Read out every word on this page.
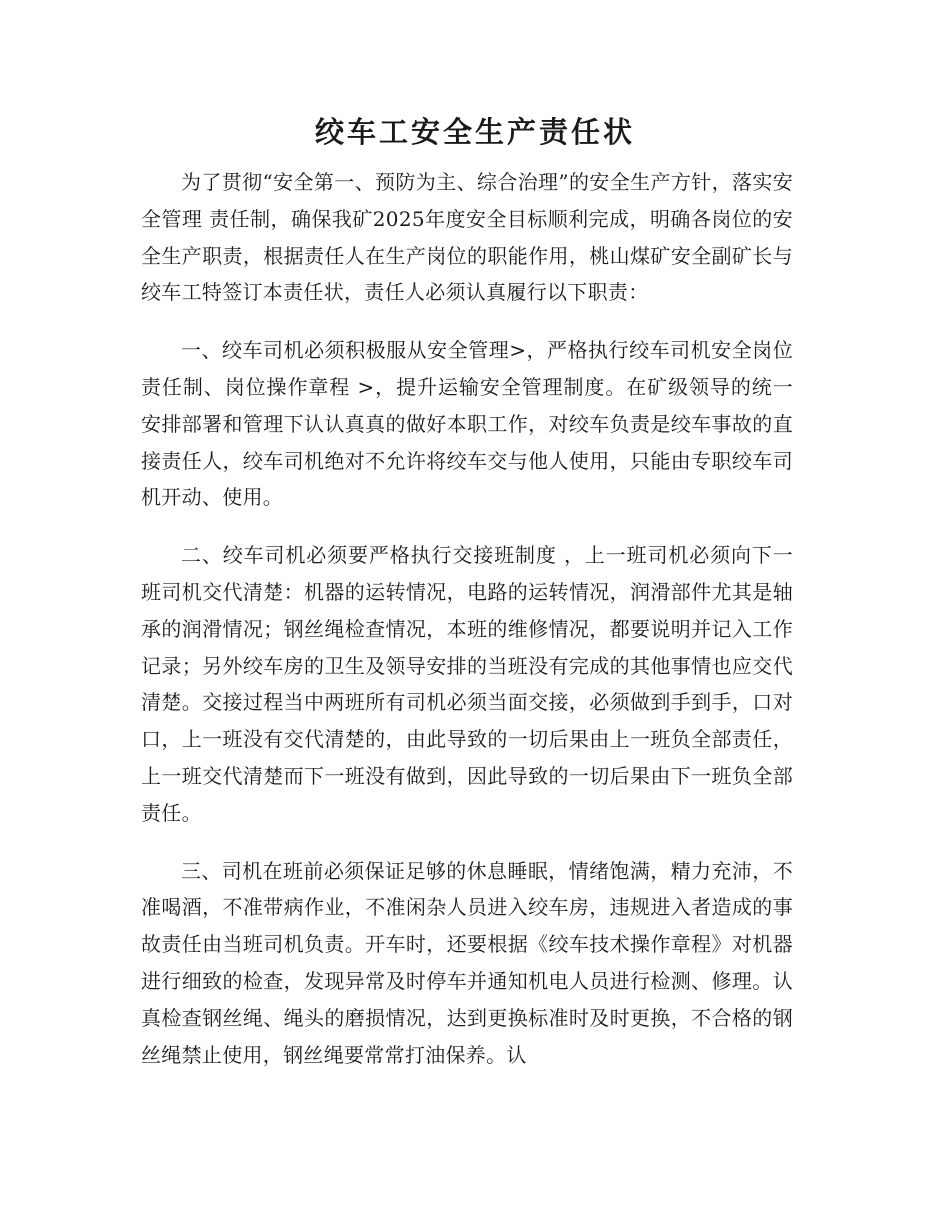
绞车工安全生产责任状

为了贯彻“安全第一、预防为主、综合治理”的安全生产方针，落实安全管理 责任制，确保我矿2025年度安全目标顺利完成，明确各岗位的安全生产职责，根据责任人在生产岗位的职能作用，桃山煤矿安全副矿长与绞车工特签订本责任状，责任人必须认真履行以下职责：

一、绞车司机必须积极服从安全管理>，严格执行绞车司机安全岗位责任制、岗位操作章程 >，提升运输安全管理制度。在矿级领导的统一安排部署和管理下认认真真的做好本职工作，对绞车负责是绞车事故的直接责任人，绞车司机绝对不允许将绞车交与他人使用，只能由专职绞车司机开动、使用。

二、绞车司机必须要严格执行交接班制度 ，上一班司机必须向下一班司机交代清楚：机器的运转情况，电路的运转情况，润滑部件尤其是轴承的润滑情况；钢丝绳检查情况，本班的维修情况，都要说明并记入工作记录；另外绞车房的卫生及领导安排的当班没有完成的其他事情也应交代清楚。交接过程当中两班所有司机必须当面交接，必须做到手到手，口对口，上一班没有交代清楚的，由此导致的一切后果由上一班负全部责任，上一班交代清楚而下一班没有做到，因此导致的一切后果由下一班负全部责任。

三、司机在班前必须保证足够的休息睡眠，情绪饱满，精力充沛，不准喝酒，不准带病作业，不准闲杂人员进入绞车房，违规进入者造成的事故责任由当班司机负责。开车时，还要根据《绞车技术操作章程》对机器进行细致的检查，发现异常及时停车并通知机电人员进行检测、修理。认真检查钢丝绳、绳头的磨损情况，达到更换标准时及时更换，不合格的钢丝绳禁止使用，钢丝绳要常常打油保养。认
